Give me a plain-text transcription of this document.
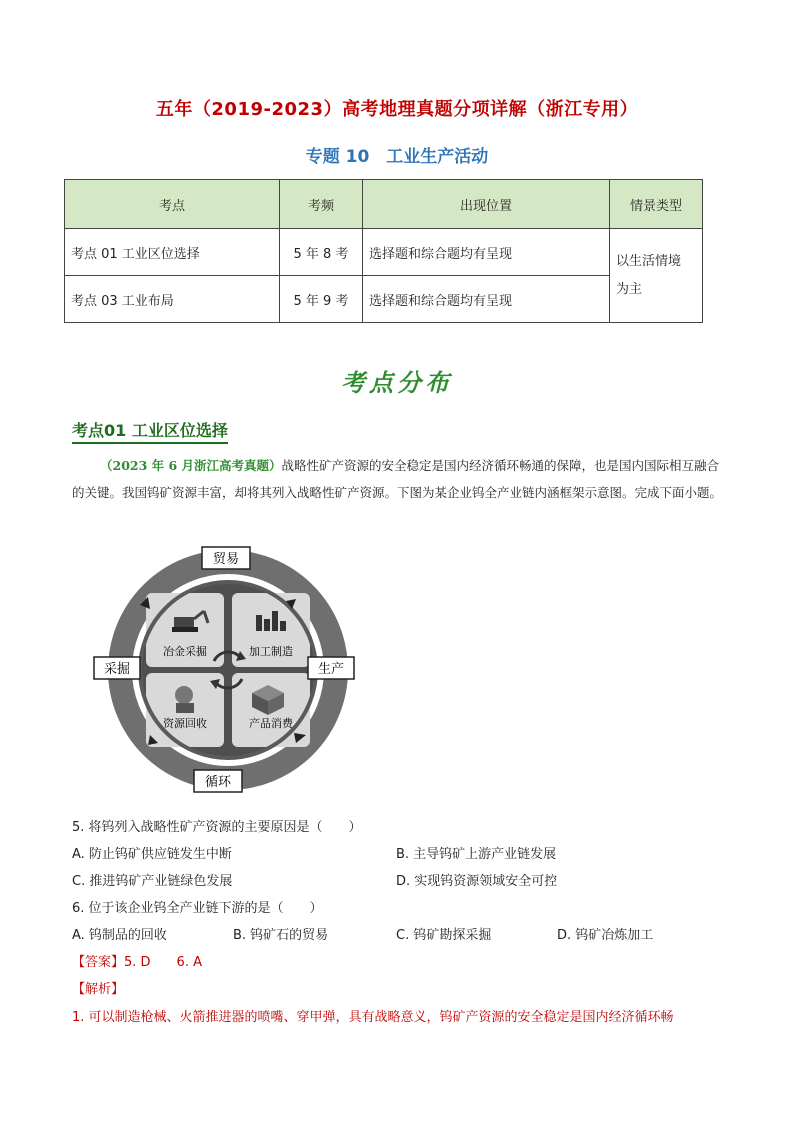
五年（2019-2023）高考地理真题分项详解（浙江专用）
专题 10　工业生产活动
考点	考频	出现位置	情景类型
考点 01 工业区位选择	5 年 8 考	选择题和综合题均有呈现	以生活情境
为主
考点 03 工业布局	5 年 9 考	选择题和综合题均有呈现	
考点分布
考点01 工业区位选择

（2023 年 6 月浙江高考真题）战略性矿产资源的安全稳定是国内经济循环畅通的保障，也是国内国际相互融合的关键。我国钨矿资源丰富，却将其列入战略性矿产资源。下图为某企业钨全产业链内涵框架示意图。完成下面小题。

冶金采掘	加工制造
资源回收	产品消费
贸易
采掘	生产
循环
5. 将钨列入战略性矿产资源的主要原因是（　　）
A. 防止钨矿供应链发生中断	B. 主导钨矿上游产业链发展
C. 推进钨矿产业链绿色发展	D. 实现钨资源领域安全可控
6. 位于该企业钨全产业链下游的是（　　）
A. 钨制品的回收	B. 钨矿石的贸易	C. 钨矿勘探采掘	D. 钨矿冶炼加工
【答案】5. D　　6. A
【解析】
1. 可以制造枪械、火箭推进器的喷嘴、穿甲弹，具有战略意义，钨矿产资源的安全稳定是国内经济循环畅
